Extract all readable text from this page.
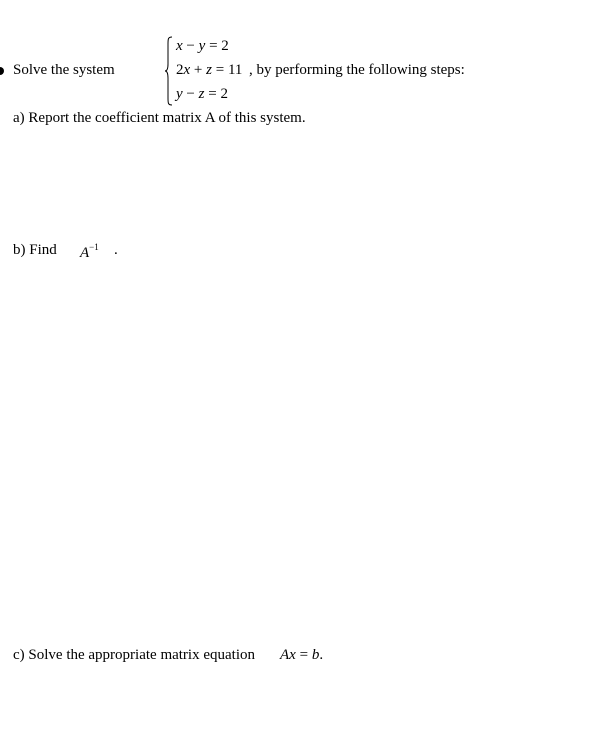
Solve the system
x − y = 2
2x + z = 11 , by performing the following steps:
y − z = 2
a) Report the coefficient matrix A of this system.
b) Find $A^{-1}$ .
c) Solve the appropriate matrix equation Ax = b.
